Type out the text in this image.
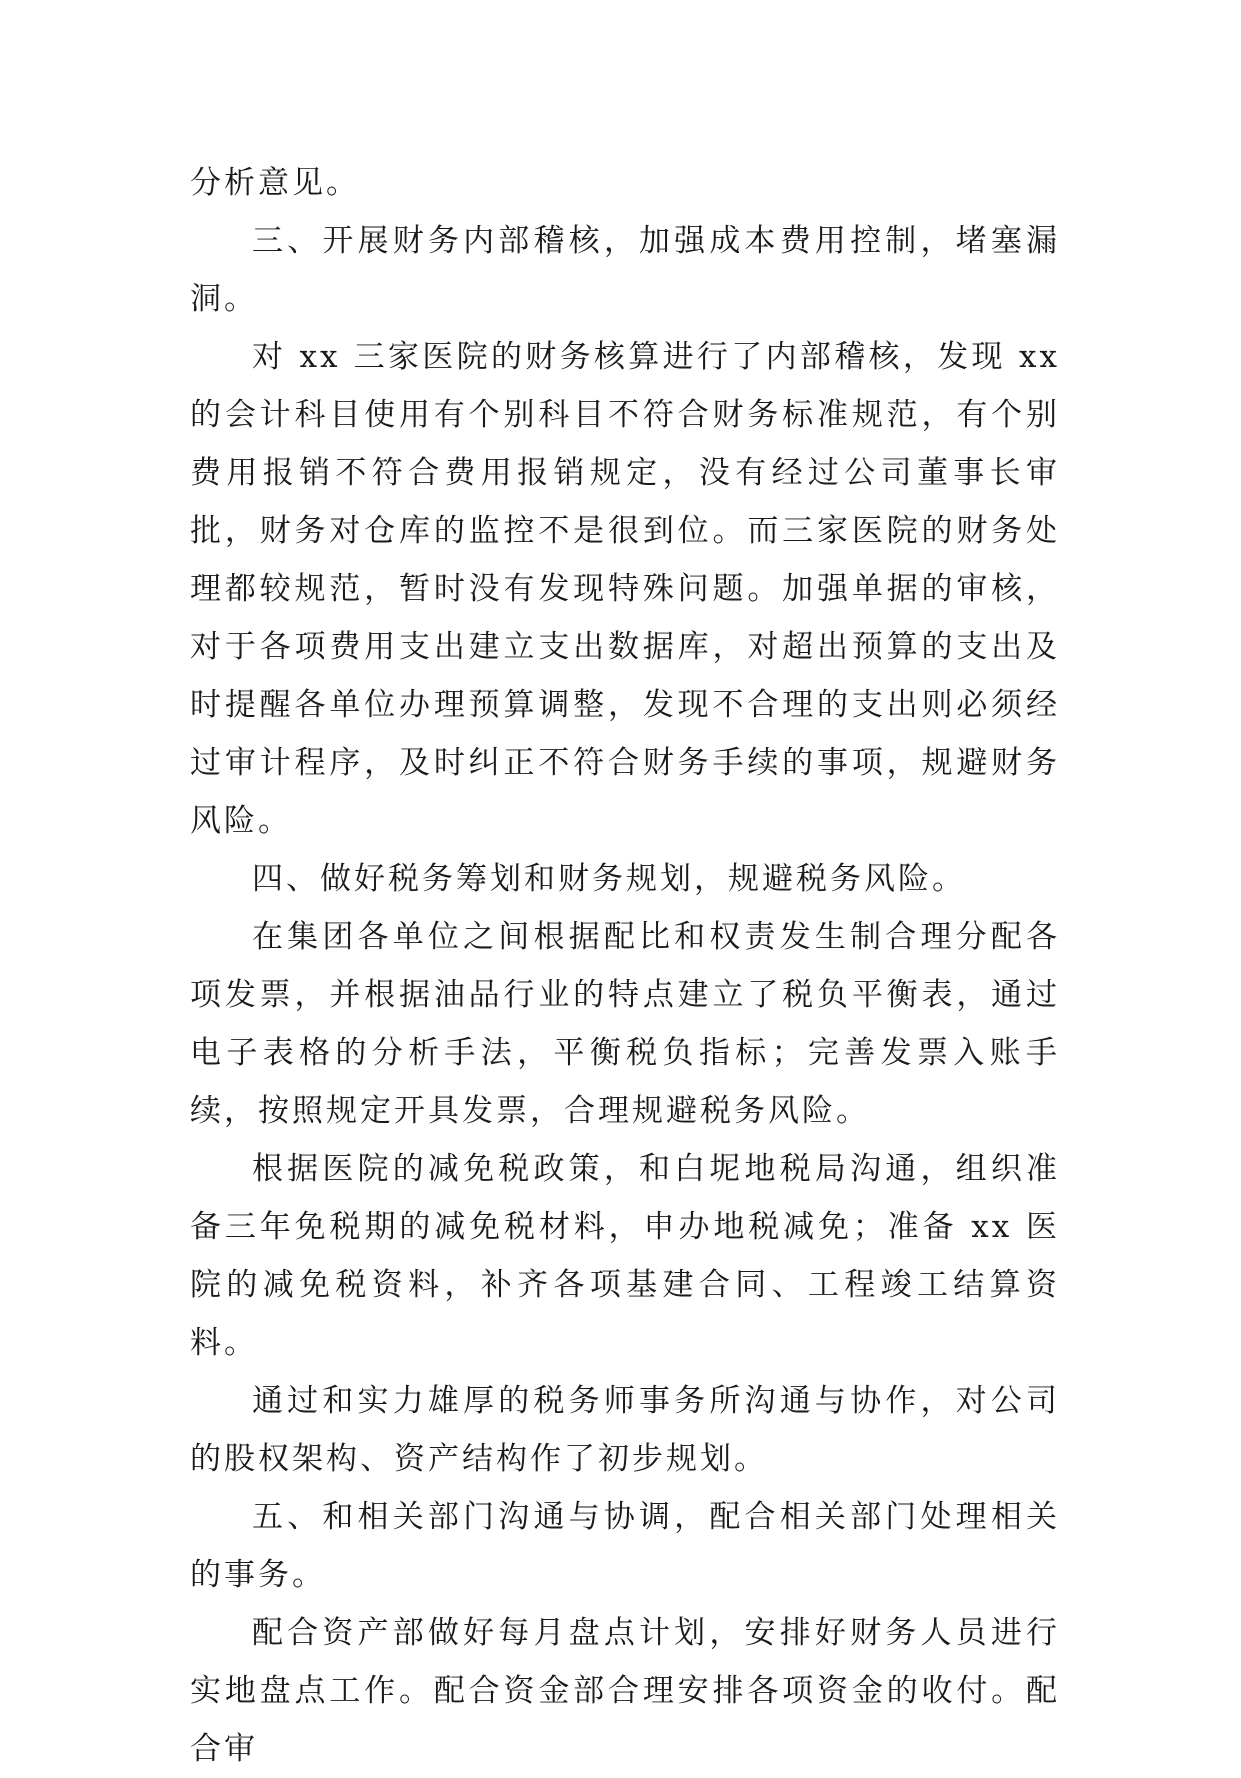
分析意见。

三、开展财务内部稽核，加强成本费用控制，堵塞漏洞。

对 xx 三家医院的财务核算进行了内部稽核，发现 xx 的会计科目使用有个别科目不符合财务标准规范，有个别费用报销不符合费用报销规定，没有经过公司董事长审批，财务对仓库的监控不是很到位。而三家医院的财务处理都较规范，暂时没有发现特殊问题。加强单据的审核，对于各项费用支出建立支出数据库，对超出预算的支出及时提醒各单位办理预算调整，发现不合理的支出则必须经过审计程序，及时纠正不符合财务手续的事项，规避财务风险。

四、做好税务筹划和财务规划，规避税务风险。

在集团各单位之间根据配比和权责发生制合理分配各项发票，并根据油品行业的特点建立了税负平衡表，通过电子表格的分析手法，平衡税负指标；完善发票入账手续，按照规定开具发票，合理规避税务风险。

根据医院的减免税政策，和白坭地税局沟通，组织准备三年免税期的减免税材料，申办地税减免；准备 xx 医院的减免税资料，补齐各项基建合同、工程竣工结算资料。

通过和实力雄厚的税务师事务所沟通与协作，对公司的股权架构、资产结构作了初步规划。

五、和相关部门沟通与协调，配合相关部门处理相关的事务。

配合资产部做好每月盘点计划，安排好财务人员进行实地盘点工作。配合资金部合理安排各项资金的收付。配合审
